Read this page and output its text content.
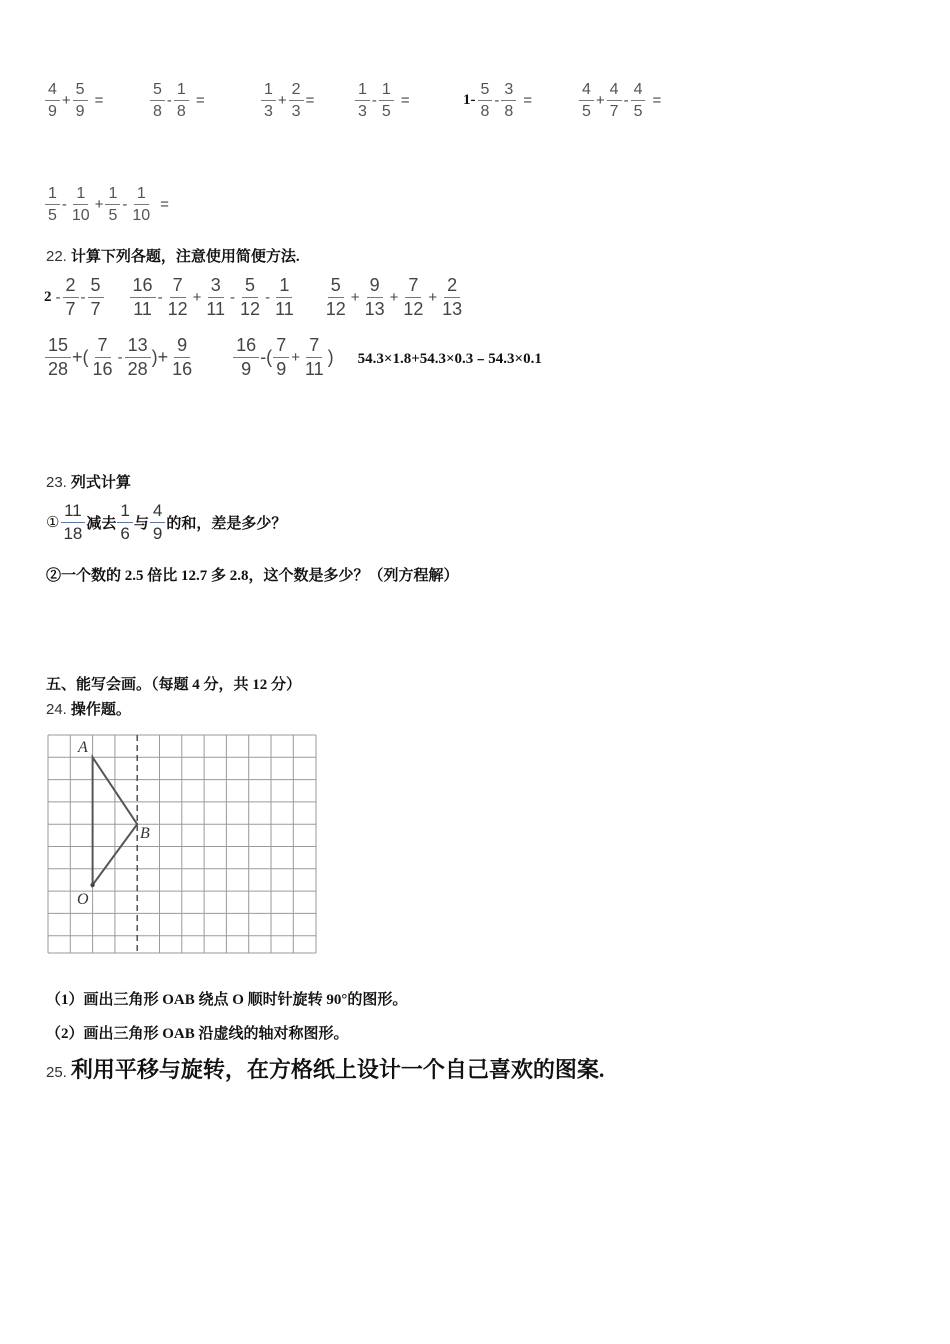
$\frac{4}{9} + \frac{5}{9}$ =	$\frac{5}{8} - \frac{1}{8}$ =	$\frac{1}{3} + \frac{2}{3}$ =	$\frac{1}{3} - \frac{1}{5}$ =	$1- \frac{5}{8} - \frac{3}{8}$ =	$\frac{4}{5} + \frac{4}{7} - \frac{4}{5}$ =
$\frac{1}{5} - \frac{1}{10} + \frac{1}{5} - \frac{1}{10}$ =
22. 计算下列各题，注意使用简便方法.
$2 - \frac{2}{7} - \frac{5}{7} \frac{16}{11} - \frac{7}{12} + \frac{3}{11} - \frac{5}{12} - \frac{1}{11} \frac{5}{12} + \frac{9}{13} + \frac{7}{12} + \frac{2}{13}$
$\frac{15}{28}$ +( $\frac{7}{16} - \frac{13}{28}$ )+ $\frac{9}{16} \frac{16}{9}$ -( $\frac{7}{9} + \frac{7}{11}$ ) 54.3×1.8+54.3×0.3﹣54.3×0.1
23. 列式计算
① $\frac{11}{18}$ 减去 $\frac{1}{6}$ 与 $\frac{4}{9}$ 的和，差是多少？
②一个数的 2.5 倍比 12.7 多 2.8，这个数是多少？（列方程解）
五、能写会画。（每题 4 分，共 12 分）
24. 操作题。
A
B
O
（1）画出三角形 OAB 绕点 O 顺时针旋转 90°的图形。
（2）画出三角形 OAB 沿虚线的轴对称图形。
25. 利用平移与旋转，在方格纸上设计一个自己喜欢的图案.
